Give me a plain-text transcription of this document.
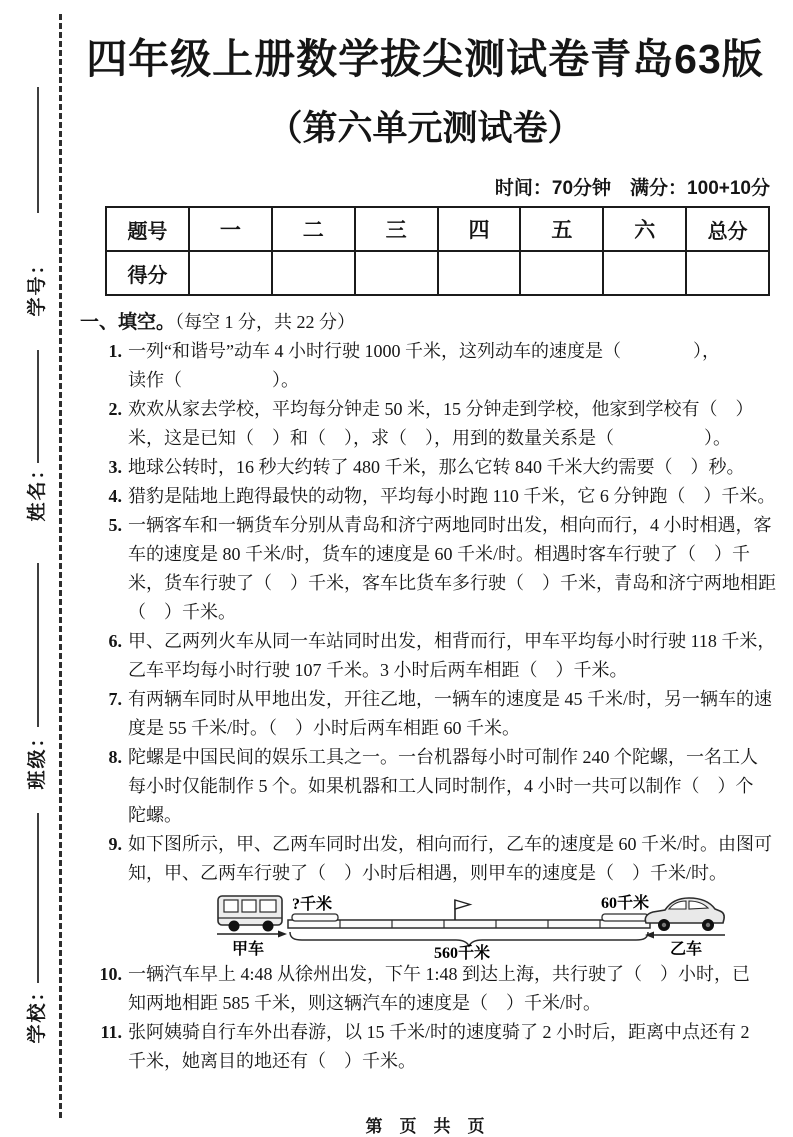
学号：
姓名：
班级：
学校：
四年级上册数学拔尖测试卷青岛63版
（第六单元测试卷）
时间：70分钟　满分：100+10分
题号	一	二	三	四	五	六	总分
得分							
一、填空。（每空 1 分，共 22 分）
1. 一列“和谐号”动车 4 小时行驶 1000 千米，这列动车的速度是（　　　　），
读作（　　　　　）。
2. 欢欢从家去学校，平均每分钟走 50 米，15 分钟走到学校，他家到学校有（　）
米，这是已知（　）和（　），求（　），用到的数量关系是（　　　　　）。
3. 地球公转时，16 秒大约转了 480 千米，那么它转 840 千米大约需要（　）秒。
4. 猎豹是陆地上跑得最快的动物，平均每小时跑 110 千米，它 6 分钟跑（　）千米。
5. 一辆客车和一辆货车分别从青岛和济宁两地同时出发，相向而行，4 小时相遇，客
车的速度是 80 千米/时，货车的速度是 60 千米/时。相遇时客车行驶了（　）千
米，货车行驶了（　）千米，客车比货车多行驶（　）千米，青岛和济宁两地相距
（　）千米。
6. 甲、乙两列火车从同一车站同时出发，相背而行，甲车平均每小时行驶 118 千米，
乙车平均每小时行驶 107 千米。3 小时后两车相距（　）千米。
7. 有两辆车同时从甲地出发，开往乙地，一辆车的速度是 45 千米/时，另一辆车的速
度是 55 千米/时。（　）小时后两车相距 60 千米。
8. 陀螺是中国民间的娱乐工具之一。一台机器每小时可制作 240 个陀螺，一名工人
每小时仅能制作 5 个。如果机器和工人同时制作，4 小时一共可以制作（　）个
陀螺。
9. 如下图所示，甲、乙两车同时出发，相向而行，乙车的速度是 60 千米/时。由图可
知，甲、乙两车行驶了（　）小时后相遇，则甲车的速度是（　）千米/时。
甲车
?千米	60千米
560千米	乙车
10. 一辆汽车早上 4:48 从徐州出发，下午 1:48 到达上海，共行驶了（　）小时，已
知两地相距 585 千米，则这辆汽车的速度是（　）千米/时。
11. 张阿姨骑自行车外出春游，以 15 千米/时的速度骑了 2 小时后，距离中点还有 2
千米，她离目的地还有（　）千米。
第　页　共　页
